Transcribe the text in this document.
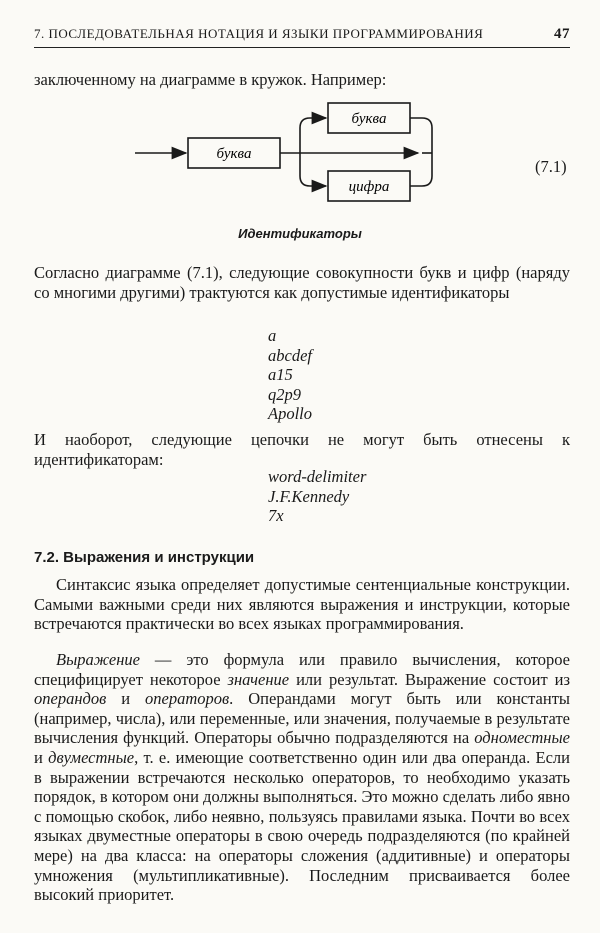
7. ПОСЛЕДОВАТЕЛЬНАЯ НОТАЦИЯ И ЯЗЫКИ ПРОГРАММИРОВАНИЯ	47
заключенному на диаграмме в кружок. Например:
буква
буква
цифра
(7.1)
Идентификаторы
Согласно диаграмме (7.1), следующие совокупности букв и цифр (наряду со многими другими) трактуются как допустимые идентификаторы
a
abcdef
a15
q2p9
Apollo
И наоборот, следующие цепочки не могут быть отнесены к идентификаторам:
word-delimiter
J.F.Kennedy
7x
7.2. Выражения и инструкции
Синтаксис языка определяет допустимые сентенциальные конструкции. Самыми важными среди них являются выражения и инструкции, которые встречаются практически во всех языках программирования.
Выражение — это формула или правило вычисления, которое специфицирует некоторое значение или результат. Выражение состоит из операндов и операторов. Операндами могут быть или константы (например, числа), или переменные, или значения, получаемые в результате вычисления функций. Операторы обычно подразделяются на одноместные и двуместные, т. е. имеющие соответственно один или два операнда. Если в выражении встречаются несколько операторов, то необходимо указать порядок, в котором они должны выполняться. Это можно сделать либо явно с помощью скобок, либо неявно, пользуясь правилами языка. Почти во всех языках двуместные операторы в свою очередь подразделяются (по крайней мере) на два класса: на операторы сложения (аддитивные) и операторы умножения (мультипликативные). Последним присваивается более высокий приоритет.
